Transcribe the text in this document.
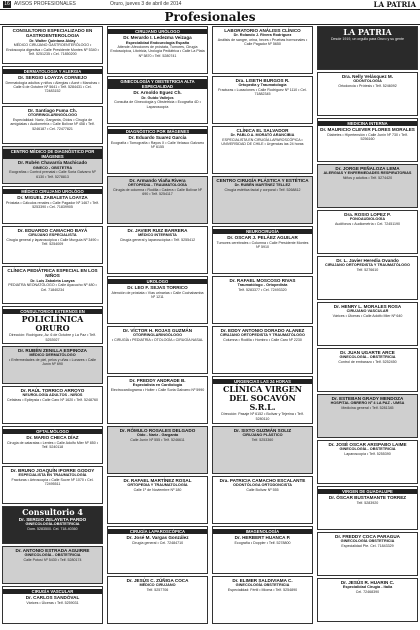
16 AVISOS PROFESIONALES	Oruro, jueves 3 de abril de 2014	LA PATRIA
Profesionales
CONSULTORIO ESPECIALIZADO EN GASTROENTEROLOGIA
Dr. Walter Quintana Alday
MÉDICO CIRUJANO GASTROENTERÓLOGO • Endoscopía digestiva • Calle Presidente Montes Nº 5340 • Telf. 5251235 • Cel. 71850200
DERMATOLOGIA Y ALERGIA
Dr. SERGIO LOAYZA CORNEJO
Dermatología adultos y niños • Alergias • Acné • Manchas • Calle 6 de Octubre Nº 5641 • Telf. 5284431 • Cel. 72483152
Dr. Santiago Fuma Ch.
OTORRINOLARINGÓLOGO
Especialidad: Nariz, Garganta, Oídos • Cirugía de amígdalas • Audiometría • Calle Bolívar Nº 458 • Telf. 5246187 • Cel. 72477821
CENTRO MÉDICO DE DIAGNÓSTICO POR IMÁGENES
Dr. Rubén Chavarría Machicado
GINECO - OBSTETRA
Ecografías • Control prenatal • Calle Soria Galvarro Nº 6130 • Telf. 5278813
MÉDICO CIRUJANO UROLÓGO
Dr. MIGUEL ZABALETA LOAYZA
Próstata • Cálculos renales • Calle Pagador Nº 1467 • Telf. 5253390 • Cel. 71839905
Dr. EDUARDO CAMACHO BAYÁ
CIRUJANO ESPECIALISTA
Cirugía general y laparoscópica • Calle Murguía Nº 3490 • Telf. 5254009
CLÍNICA PEDIÁTRICA ESPECIAL EN LOS NIÑOS
Dr. Luis Zabaleta Loayza
PEDIATRA NEONATÓLOGO • Calle Ayacucho Nº 480 • Cel. 71840234
CONSULTORIOS EXTERNOS EN
POLICLÍNICA ORURO
Dirección: Rodríguez, Av. 6 de Octubre y La Paz • Telf. 5253927
Dr. RUBÉN ZENILLA ESPINOZA
MÉDICO DERMATÓLOGO
• Enfermedades de piel, pelos y uñas • Lunares • Calle Junín Nº 690
Dr. RAÚL TORRICO ARROYO
NEUROLOGÍA ADULTOS - NIÑOS
Cefaleas • Epilepsia • Calle Caro Nº 1620 • Telf. 5248760
OFTALMÓLOGO
Dr. MARIO CHECA DÍAZ
Cirugía de cataratas • Lentes • Calle Adolfo Mier Nº 850 • Telf. 5240118
Dr. BRUNO JOAQUÍN IPORRE GODOY
ESPECIALISTA EN TRAUMATOLOGÍA
Fracturas • Artroscopía • Calle Sucre Nº 1070 • Cel. 72495511
Consultorio 4
Dr. SERGIO ZELAYETA PARDO
GINECOLOGÍA-OBSTETRICIA
Dom. 5283500. Cel. 718-40360
Dr. ANTONIO ESTRADA AGUIRRE
GINECOLOGÍA - OBSTETRICIA
Calle Potosí Nº 5430 • Telf. 5280174
CIRUGÍA VASCULAR
Dr. CARLOS SANDÓVAL
Várices • Úlceras • Telf. 5259031
CIRUJANO URÓLOGO
Dr. Merardo I. Ledezma Veizaga
Especialidad Endourología España
Atiende: Afecciones de próstata, Tumores, Cirugía Endoscópica, Litotricia, Urología Pediátrica • Calle La Plata Nº 5870 • Telf. 5280741
GINECOLOGÍA Y OBSTETRICIA ALTA ESPECIALIDAD
Dr. Arnoldo Eguez Ch.
Dr. Guido Vallejos
Consulta de Ginecología y Obstetricia • Ecografía 4D • Laparoscopía
DIAGNÓSTICO POR IMÁGENES
Dr. Eduardo Suarez García
Ecografía • Tomografía • Rayos X • Calle Velasco Galvarro Nº 6155
Dr. Armando Viaña Rivera
ORTOPEDIA - TRAUMATOLOGÍA
Cirugía de columna • Rodilla • Cadera • Calle Bolívar Nº 690 • Telf. 5254117
Dr. JAVIER RUIZ BARRERA
MÉDICO INTERNISTA
Cirugía general y laparoscópica • Telf. 5255412
UROLOGO
Dr. LEO F. SEJAS TORRICO
Atención de próstata • Vías urinarias • Calle Cochabamba Nº 1211
Dr. VÍCTOR H. ROJAS GUZMÁN
OTORRINOLARINGÓLOGO
• CIRUGÍA • PEDIATRÍA • OTOLOGÍA • CIRUGÍA NASAL
Dr. FREDDY ANDRADE B.
Especialista en Cardiología
Electrocardiograma • Holter • Calle Soria Galvarro Nº 5990
Dr. RÓMULO ROSALES DELGADO
Oído - Nariz - Garganta
Calle Junín Nº 555 • Telf. 5246611
Dr. RAFAEL MARTÍNEZ ROSAL
ORTOPEDIA Y TRAUMATOLOGÍA
Calle 1º de Noviembre Nº 180
CIRUGÍA LAPAROSCÓPICA
Dr. José M. Vargas González
Cirugía general • Cel. 72484710
Dr. JESÚS C. ZÚÑIGA COCA
MÉDICO CIRUJANO
Telf. 5257706
LABORATORIO ANÁLISIS CLÍNICO
Dr. Rolando J. Rivera Rodríguez
Análisis de sangre, orina, heces • Pruebas hormonales • Calle Pagador Nº 5650
Dra. LISETH BURGOS R.
Ortopedia y Traumatología
Fracturas • Luxaciones • Calle Rodríguez Nº 1110 • Cel. 71882345
CLÍNICA EL SALVADOR
Dr. PABLO A. MORATÓ ARANCIBIA
ESPECIALISTA EN CIRUGÍA LAPAROSCÓPICA • UNIVERSIDAD DE CHILE • Urgencias las 24 horas
CENTRO CIRUGÍA PLÁSTICA Y ESTÉTICA
Dr. RUBÉN MARTÍNEZ TELLEZ
Cirugía estética facial y corporal • Telf. 5268812
NEUROCIRUGÍA
Dr. OSCAR J. PELÁEZ AGUILAR
Tumores cerebrales • Columna • Calle Presidente Montes Nº 5910
Dr. RAFAEL MOSCOSO RIVAS
Traumatólogo - Ortopedista
Telf. 5283377 • Cel. 72493320
Dr. EDDY ANTONIO DORADO ALANEZ
CIRUJANO ORTOPEDISTA Y TRAUMATÓLOGO
Columna • Rodilla • Hombro • Calle Caro Nº 2230
URGENCIAS LAS 24 HORAS
CLÍNICA VIRGEN DEL SOCAVÓN S.R.L.
Dirección: Pasaje Nº 6152 • Bolívar y Tejerina • Telf. 5280110
Dr. SIXTO GUZMÁN SOLIZ
CIRUJANO PLÁSTICO
Telf. 5253360
Dra. PATRICIA CAMACHO ESCALANTE
ODONTÓLOGA ORTODONCISTA
Calle Bolívar Nº 555
IMAGENOLOGÍA
Dr. HERBERT HUANCA P.
Ecografía • Doppler • Telf. 5278800
Dr. ELIMER SALDIVIAMA C.
GINECOLOGÍA OBSTETRICIA
Especialidad: Fértil • Mioma • Telf. 5254890
LA PATRIA
Desde 1919, un orgullo para Oruro y su gente
Dra. Nelly Velásquez M.
ODONTOLOGÍA
Ortodoncia • Prótesis • Telf. 5246092
MEDICINA INTERNA
Dr. MAURICIO CLEVER FLORES MORALES
Diabetes • Hipertensión • Calle Junín Nº 730 • Telf. 5256160
Dr. JORGE PEÑALOZA LEMA
ALERGIAS Y ENFERMEDADES RESPIRATORIAS
Niños y adultos • Telf. 5274420
Dra. ROSIO LOPEZ P.
FONOAUDIOLOGÍA
Audífonos • Audiometría • Cel. 72451190
Dr. L. Javier Heredia Ovando
CIRUJANO ORTOPEDISTA Y TRAUMATÓLOGO
Telf. 5276610
Dr. HENRY L. MORALES ROSA
CIRUJANO VASCULAR
Várices • Úlceras • Calle Adolfo Mier Nº 640
Dr. JUAN UGARTE ARCE
GINECOLOGÍA - OBSTETRICIA
Control de embarazo • Telf. 5252450
Dr. ESTEBAN GRADY MENDOZA
HOSPITAL OBRERO Nº 4 LA PAZ - UMSA
Medicina general • Telf. 5281345
Dr. JOSÉ OSCAR ARISPABO LAIME
GINECOLOGÍA - OBSTETRICIA
Laparoscopía • Telf. 5255390
VIRGEN DE GUADALUPE
Dr. ÓSCAR BUSTAMANTE TORREZ
Telf. 5283920
Dr. FREDDY COCA PARAGUA
GINECOLOGÍA OBSTETRICIA
Especialidad Pte. Cel. 71843329
Dr. JESÚS R. HUARIN C.
Especialidad Cirugía - Italia
Cel. 72468390
